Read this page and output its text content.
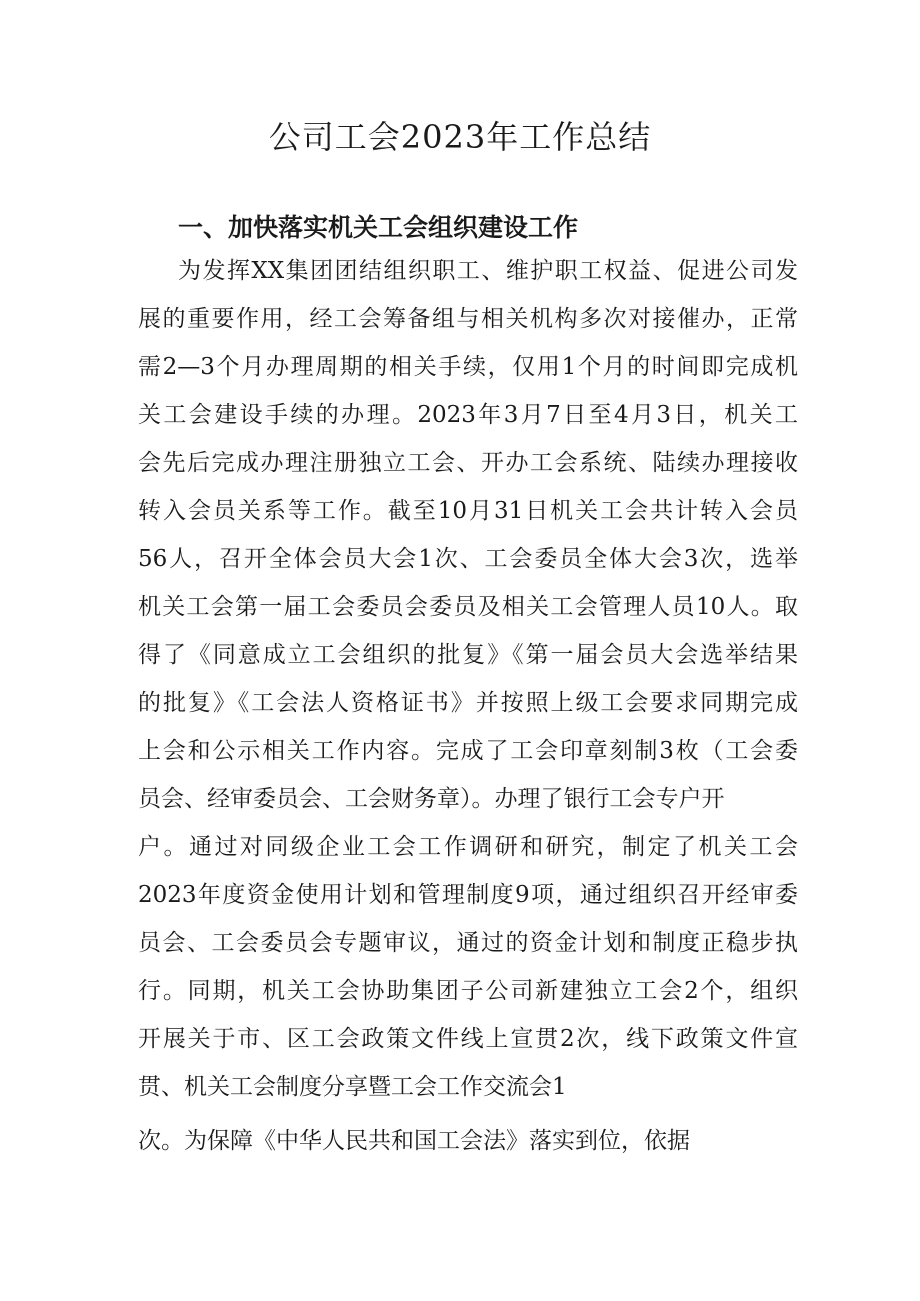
公司工会2023年工作总结
一、加快落实机关工会组织建设工作

为发挥XX集团团结组织职工、维护职工权益、促进公司发

展的重要作用，经工会筹备组与相关机构多次对接催办，正常

需2—3个月办理周期的相关手续，仅用1个月的时间即完成机

关工会建设手续的办理。2023年3月7日至4月3日，机关工

会先后完成办理注册独立工会、开办工会系统、陆续办理接收

转入会员关系等工作。截至10月31日机关工会共计转入会员

56人，召开全体会员大会1次、工会委员全体大会3次，选举

机关工会第一届工会委员会委员及相关工会管理人员10人。取

得了《同意成立工会组织的批复》《第一届会员大会选举结果

的批复》《工会法人资格证书》并按照上级工会要求同期完成

上会和公示相关工作内容。完成了工会印章刻制3枚（工会委

员会、经审委员会、工会财务章）。办理了银行工会专户开

户。通过对同级企业工会工作调研和研究，制定了机关工会

2023年度资金使用计划和管理制度9项，通过组织召开经审委

员会、工会委员会专题审议，通过的资金计划和制度正稳步执

行。同期，机关工会协助集团子公司新建独立工会2个，组织

开展关于市、区工会政策文件线上宣贯2次，线下政策文件宣

贯、机关工会制度分享暨工会工作交流会1

次。为保障《中华人民共和国工会法》落实到位，依据
